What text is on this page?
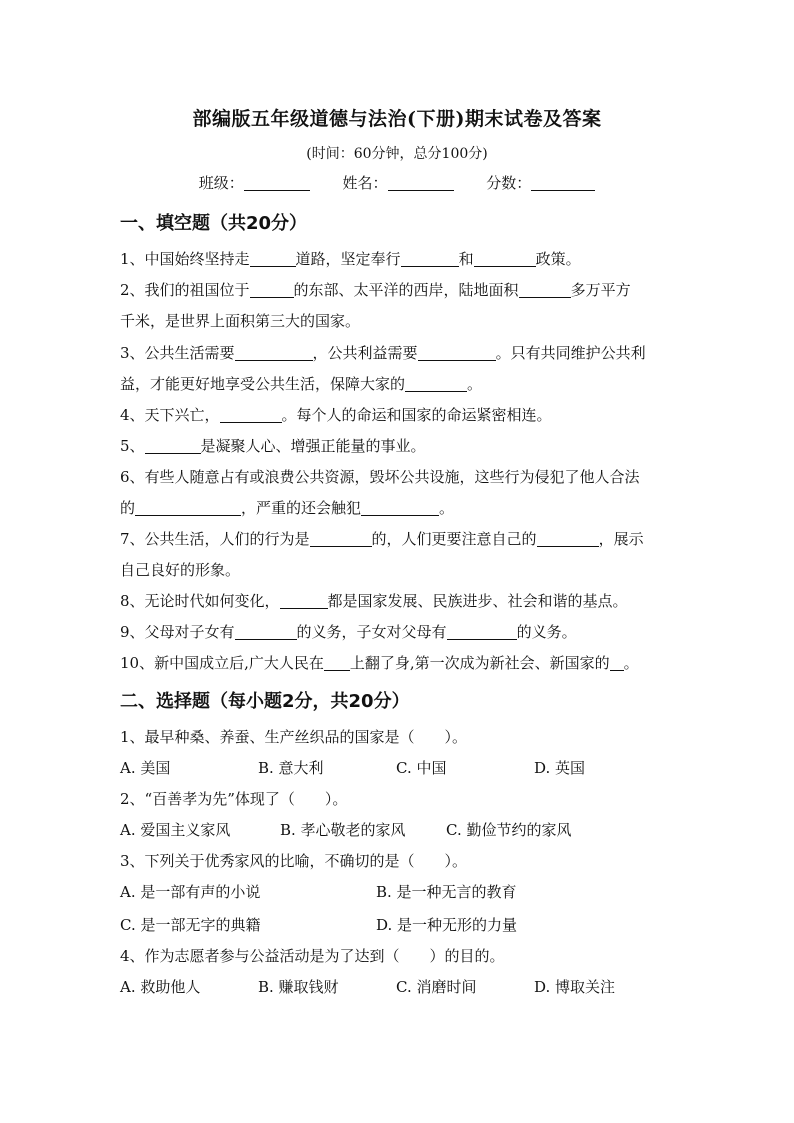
部编版五年级道德与法治(下册)期末试卷及答案
(时间：60分钟，总分100分)
班级：	姓名：	分数：
一、填空题（共20分）
1、中国始终坚持走	道路，坚定奉行	和	政策。
2、我们的祖国位于	的东部、太平洋的西岸，陆地面积	多万平方
千米，是世界上面积第三大的国家。
3、公共生活需要	，公共利益需要	。只有共同维护公共利
益，才能更好地享受公共生活，保障大家的	。
4、天下兴亡，	。每个人的命运和国家的命运紧密相连。
5、	是凝聚人心、增强正能量的事业。
6、有些人随意占有或浪费公共资源，毁坏公共设施，这些行为侵犯了他人合法
的	，严重的还会触犯	。
7、公共生活，人们的行为是	的，人们更要注意自己的	，展示
自己良好的形象。
8、无论时代如何变化，	都是国家发展、民族进步、社会和谐的基点。
9、父母对子女有	的义务，子女对父母有	的义务。
10、新中国成立后,广大人民在 上翻了身,第一次成为新社会、新国家的 。
二、选择题（每小题2分，共20分）
1、最早种桑、养蚕、生产丝织品的国家是（　　）。
A. 美国	B. 意大利	C. 中国	D. 英国
2、“百善孝为先”体现了（　　）。
A. 爱国主义家风	B. 孝心敬老的家风	C. 勤俭节约的家风
3、下列关于优秀家风的比喻，不确切的是（　　）。
A. 是一部有声的小说	B. 是一种无言的教育
C. 是一部无字的典籍	D. 是一种无形的力量
4、作为志愿者参与公益活动是为了达到（　　）的目的。
A. 救助他人	B. 赚取钱财	C. 消磨时间	D. 博取关注
